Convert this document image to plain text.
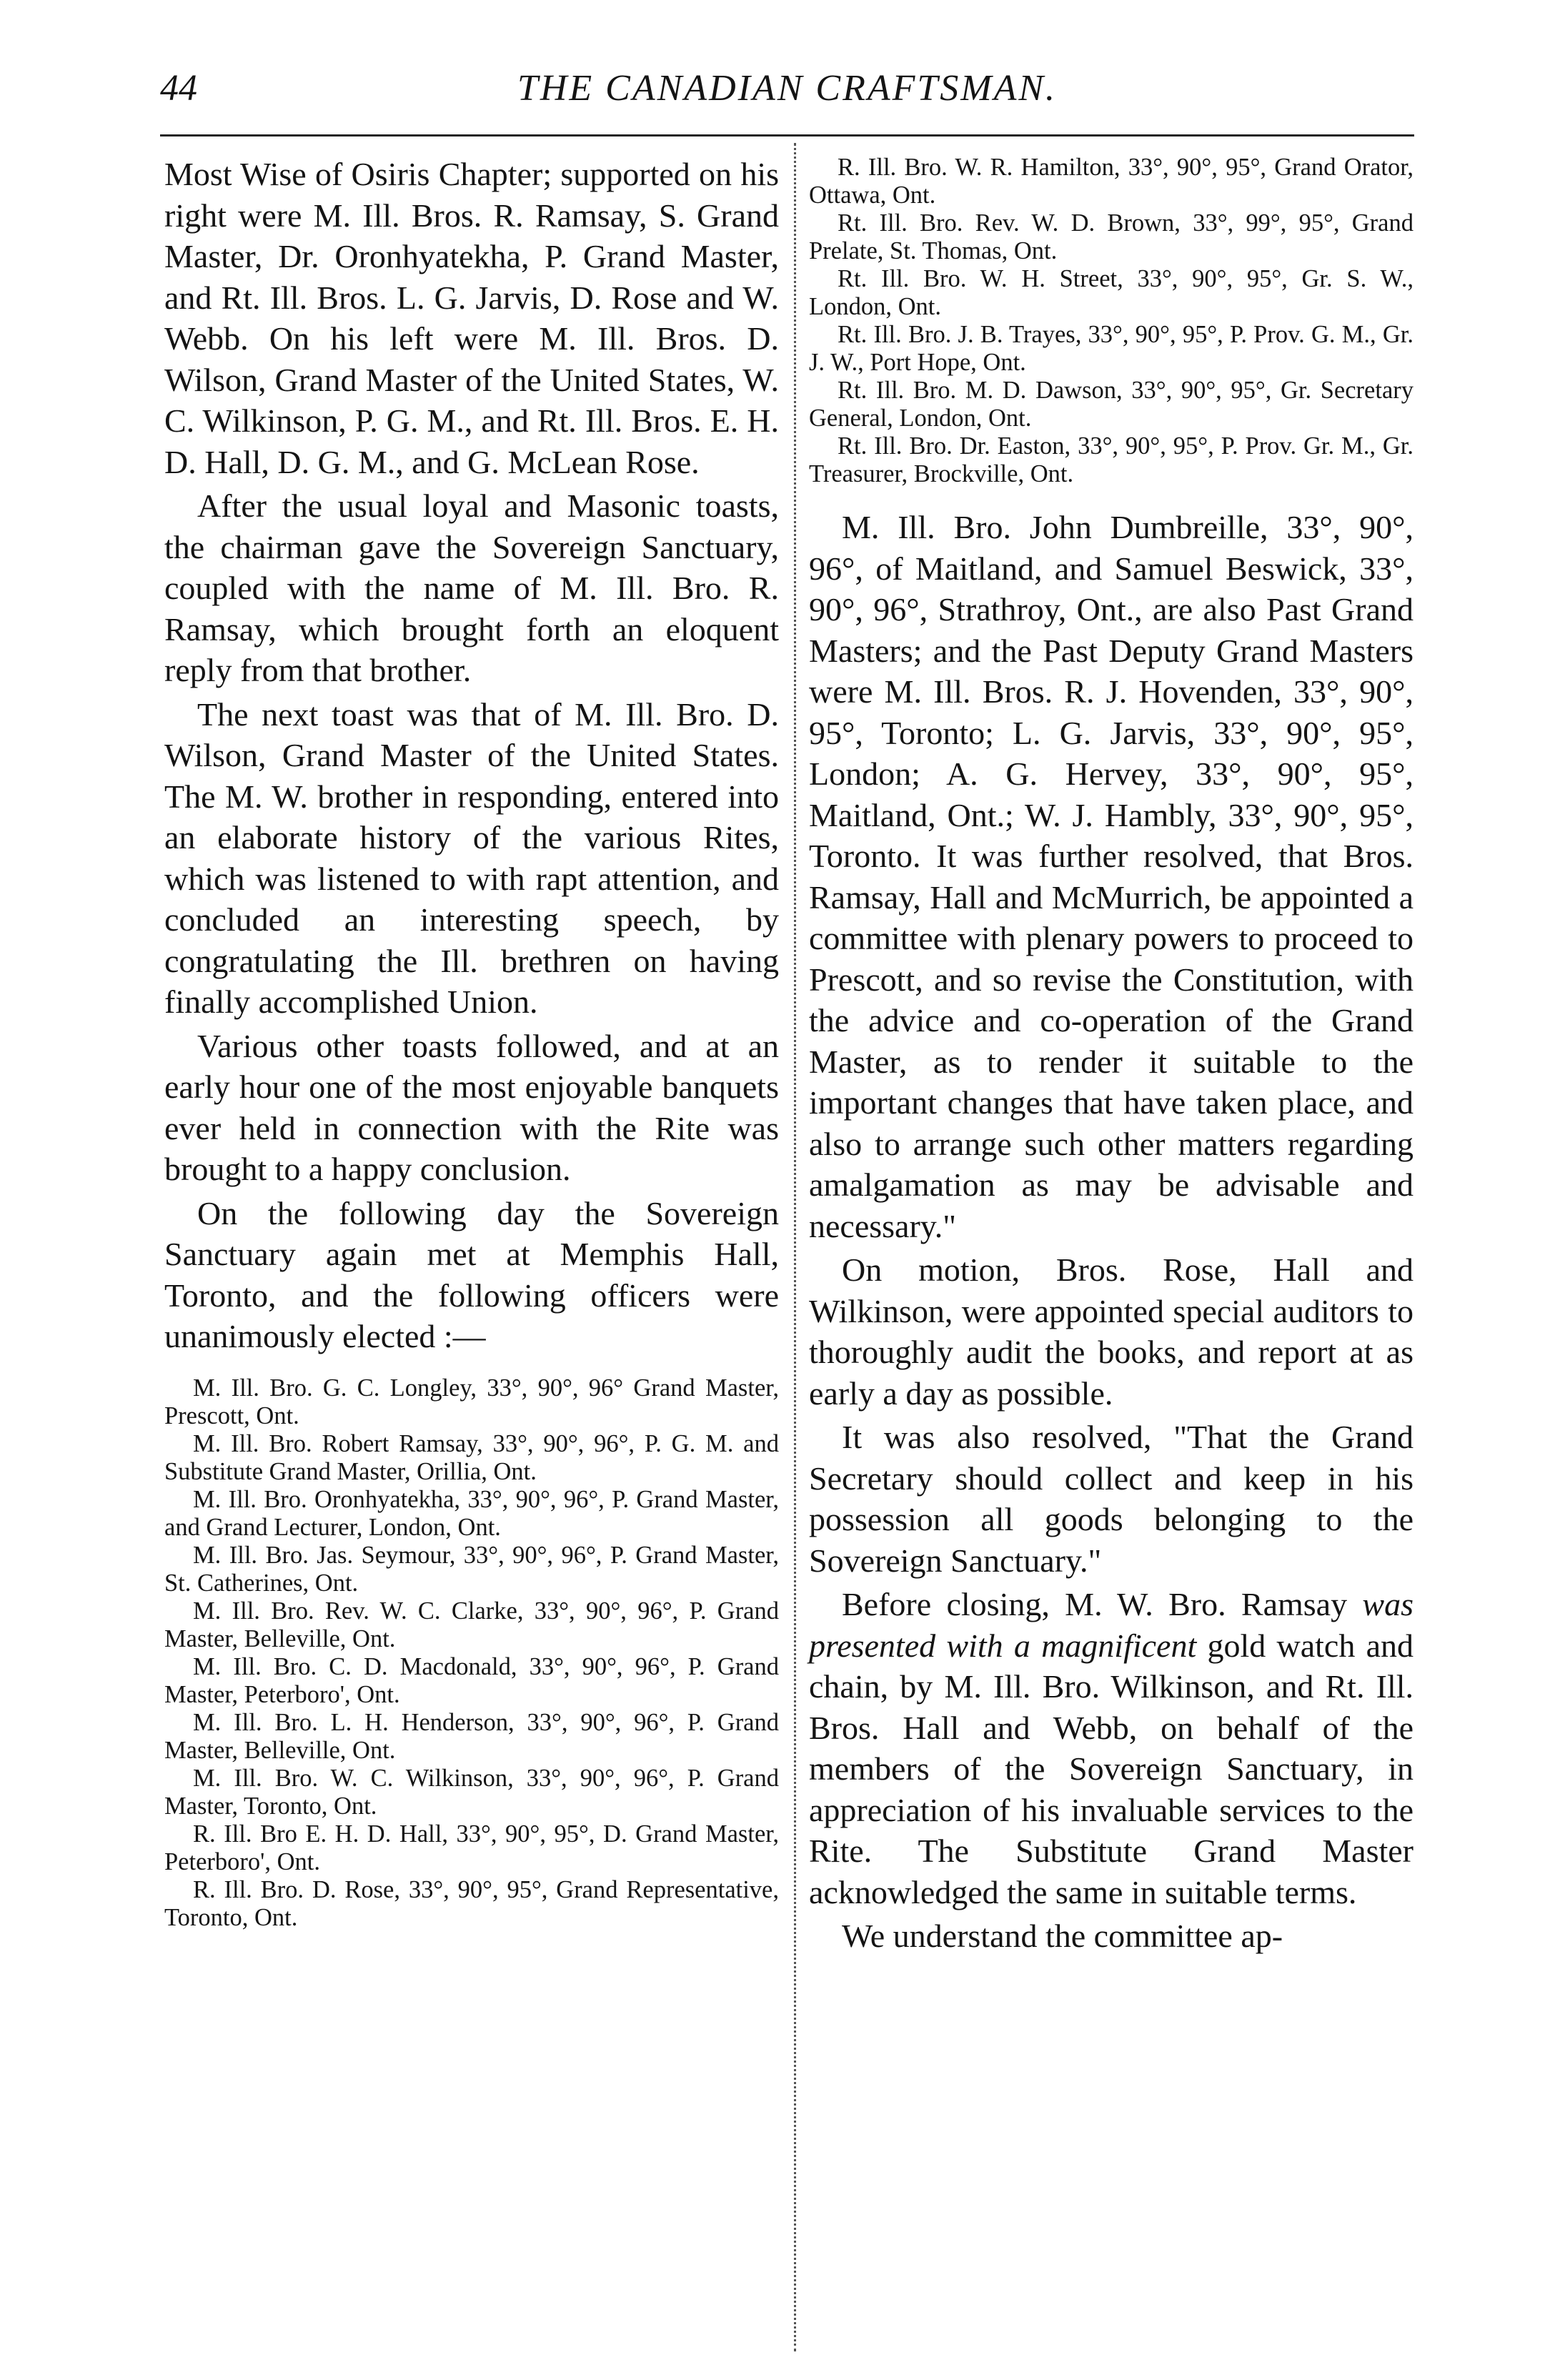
44	THE CANADIAN CRAFTSMAN.

Most Wise of Osiris Chapter; supported on his right were M. Ill. Bros. R. Ramsay, S. Grand Master, Dr. Oronhyatekha, P. Grand Master, and Rt. Ill. Bros. L. G. Jarvis, D. Rose and W. Webb. On his left were M. Ill. Bros. D. Wilson, Grand Master of the United States, W. C. Wilkinson, P. G. M., and Rt. Ill. Bros. E. H. D. Hall, D. G. M., and G. McLean Rose.

After the usual loyal and Masonic toasts, the chairman gave the Sovereign Sanctuary, coupled with the name of M. Ill. Bro. R. Ramsay, which brought forth an eloquent reply from that brother.

The next toast was that of M. Ill. Bro. D. Wilson, Grand Master of the United States. The M. W. brother in responding, entered into an elaborate history of the various Rites, which was listened to with rapt attention, and concluded an interesting speech, by congratulating the Ill. brethren on having finally accomplished Union.

Various other toasts followed, and at an early hour one of the most enjoyable banquets ever held in connection with the Rite was brought to a happy conclusion.

On the following day the Sovereign Sanctuary again met at Memphis Hall, Toronto, and the following officers were unanimously elected :—

M. Ill. Bro. G. C. Longley, 33°, 90°, 96° Grand Master, Prescott, Ont.

M. Ill. Bro. Robert Ramsay, 33°, 90°, 96°, P. G. M. and Substitute Grand Master, Orillia, Ont.

M. Ill. Bro. Oronhyatekha, 33°, 90°, 96°, P. Grand Master, and Grand Lecturer, London, Ont.

M. Ill. Bro. Jas. Seymour, 33°, 90°, 96°, P. Grand Master, St. Catherines, Ont.

M. Ill. Bro. Rev. W. C. Clarke, 33°, 90°, 96°, P. Grand Master, Belleville, Ont.

M. Ill. Bro. C. D. Macdonald, 33°, 90°, 96°, P. Grand Master, Peterboro', Ont.

M. Ill. Bro. L. H. Henderson, 33°, 90°, 96°, P. Grand Master, Belleville, Ont.

M. Ill. Bro. W. C. Wilkinson, 33°, 90°, 96°, P. Grand Master, Toronto, Ont.

R. Ill. Bro E. H. D. Hall, 33°, 90°, 95°, D. Grand Master, Peterboro', Ont.

R. Ill. Bro. D. Rose, 33°, 90°, 95°, Grand Representative, Toronto, Ont.

R. Ill. Bro. W. R. Hamilton, 33°, 90°, 95°, Grand Orator, Ottawa, Ont.

Rt. Ill. Bro. Rev. W. D. Brown, 33°, 99°, 95°, Grand Prelate, St. Thomas, Ont.

Rt. Ill. Bro. W. H. Street, 33°, 90°, 95°, Gr. S. W., London, Ont.

Rt. Ill. Bro. J. B. Trayes, 33°, 90°, 95°, P. Prov. G. M., Gr. J. W., Port Hope, Ont.

Rt. Ill. Bro. M. D. Dawson, 33°, 90°, 95°, Gr. Secretary General, London, Ont.

Rt. Ill. Bro. Dr. Easton, 33°, 90°, 95°, P. Prov. Gr. M., Gr. Treasurer, Brockville, Ont.

M. Ill. Bro. John Dumbreille, 33°, 90°, 96°, of Maitland, and Samuel Beswick, 33°, 90°, 96°, Strathroy, Ont., are also Past Grand Masters; and the Past Deputy Grand Masters were M. Ill. Bros. R. J. Hovenden, 33°, 90°, 95°, Toronto; L. G. Jarvis, 33°, 90°, 95°, London; A. G. Hervey, 33°, 90°, 95°, Maitland, Ont.; W. J. Hambly, 33°, 90°, 95°, Toronto. It was further resolved, that Bros. Ramsay, Hall and McMurrich, be appointed a committee with plenary powers to proceed to Prescott, and so revise the Constitution, with the advice and co-operation of the Grand Master, as to render it suitable to the important changes that have taken place, and also to arrange such other matters regarding amalgamation as may be advisable and necessary."

On motion, Bros. Rose, Hall and Wilkinson, were appointed special auditors to thoroughly audit the books, and report at as early a day as possible.

It was also resolved, "That the Grand Secretary should collect and keep in his possession all goods belonging to the Sovereign Sanctuary."

Before closing, M. W. Bro. Ramsay was presented with a magnificent gold watch and chain, by M. Ill. Bro. Wilkinson, and Rt. Ill. Bros. Hall and Webb, on behalf of the members of the Sovereign Sanctuary, in appreciation of his invaluable services to the Rite. The Substitute Grand Master acknowledged the same in suitable terms.

We understand the committee ap-
